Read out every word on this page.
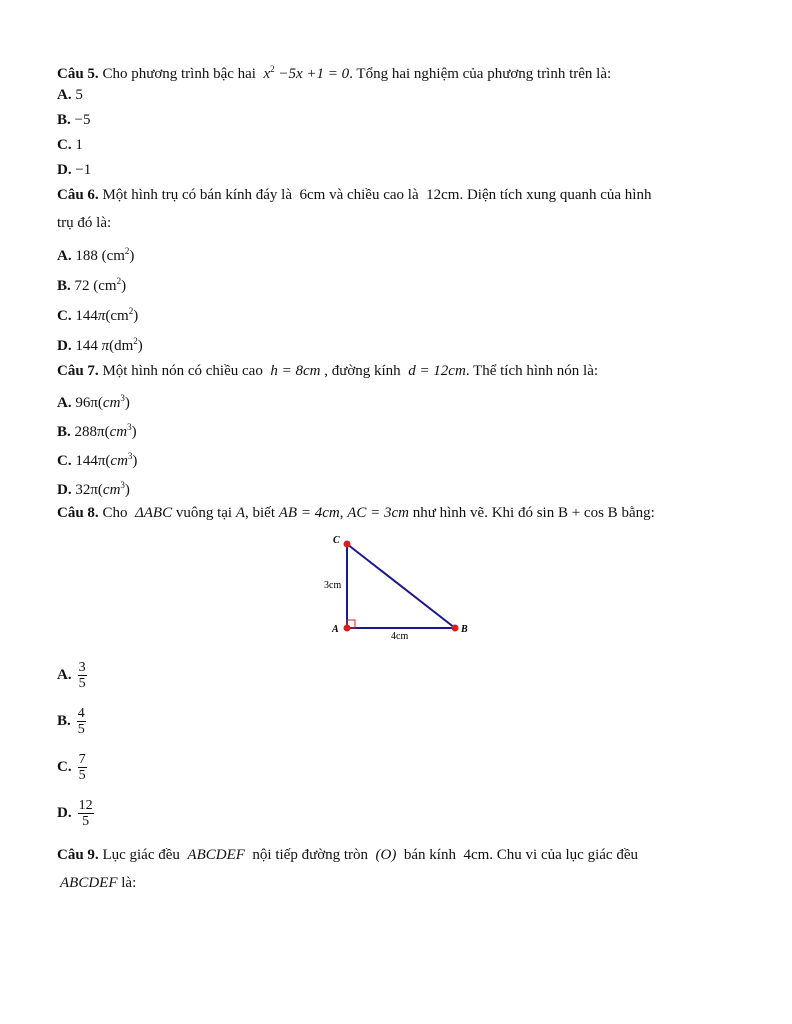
Câu 5. Cho phương trình bậc hai $x^2 -5x +1 = 0$. Tổng hai nghiệm của phương trình trên là:
A. 5
B. −5
C. 1
D. −1
Câu 6. Một hình trụ có bán kính đáy là 6cm và chiều cao là 12cm. Diện tích xung quanh của hình
trụ đó là:
A. 188 $(cm^2)$
B. 72 $(cm^2)$
C. $144\pi(cm^2)$
D. 144 $\pi(dm^2)$
Câu 7. Một hình nón có chiều cao h = 8cm , đường kính d = 12cm. Thể tích hình nón là:
A. $96\pi(cm^3)$
B. $288\pi(cm^3)$
C. $144\pi(cm^3)$
D. $32\pi(cm^3)$
Câu 8. Cho ΔABC vuông tại A, biết AB = 4cm, AC = 3cm như hình vẽ. Khi đó sin B + cos B bằng:
C
A	B
3cm
4cm
A. $\frac{3}{5}$
B. $\frac{4}{5}$
C. $\frac{7}{5}$
D. $\frac{12}{5}$
Câu 9. Lục giác đều ABCDEF nội tiếp đường tròn (O) bán kính 4cm. Chu vi của lục giác đều
ABCDEF là:
